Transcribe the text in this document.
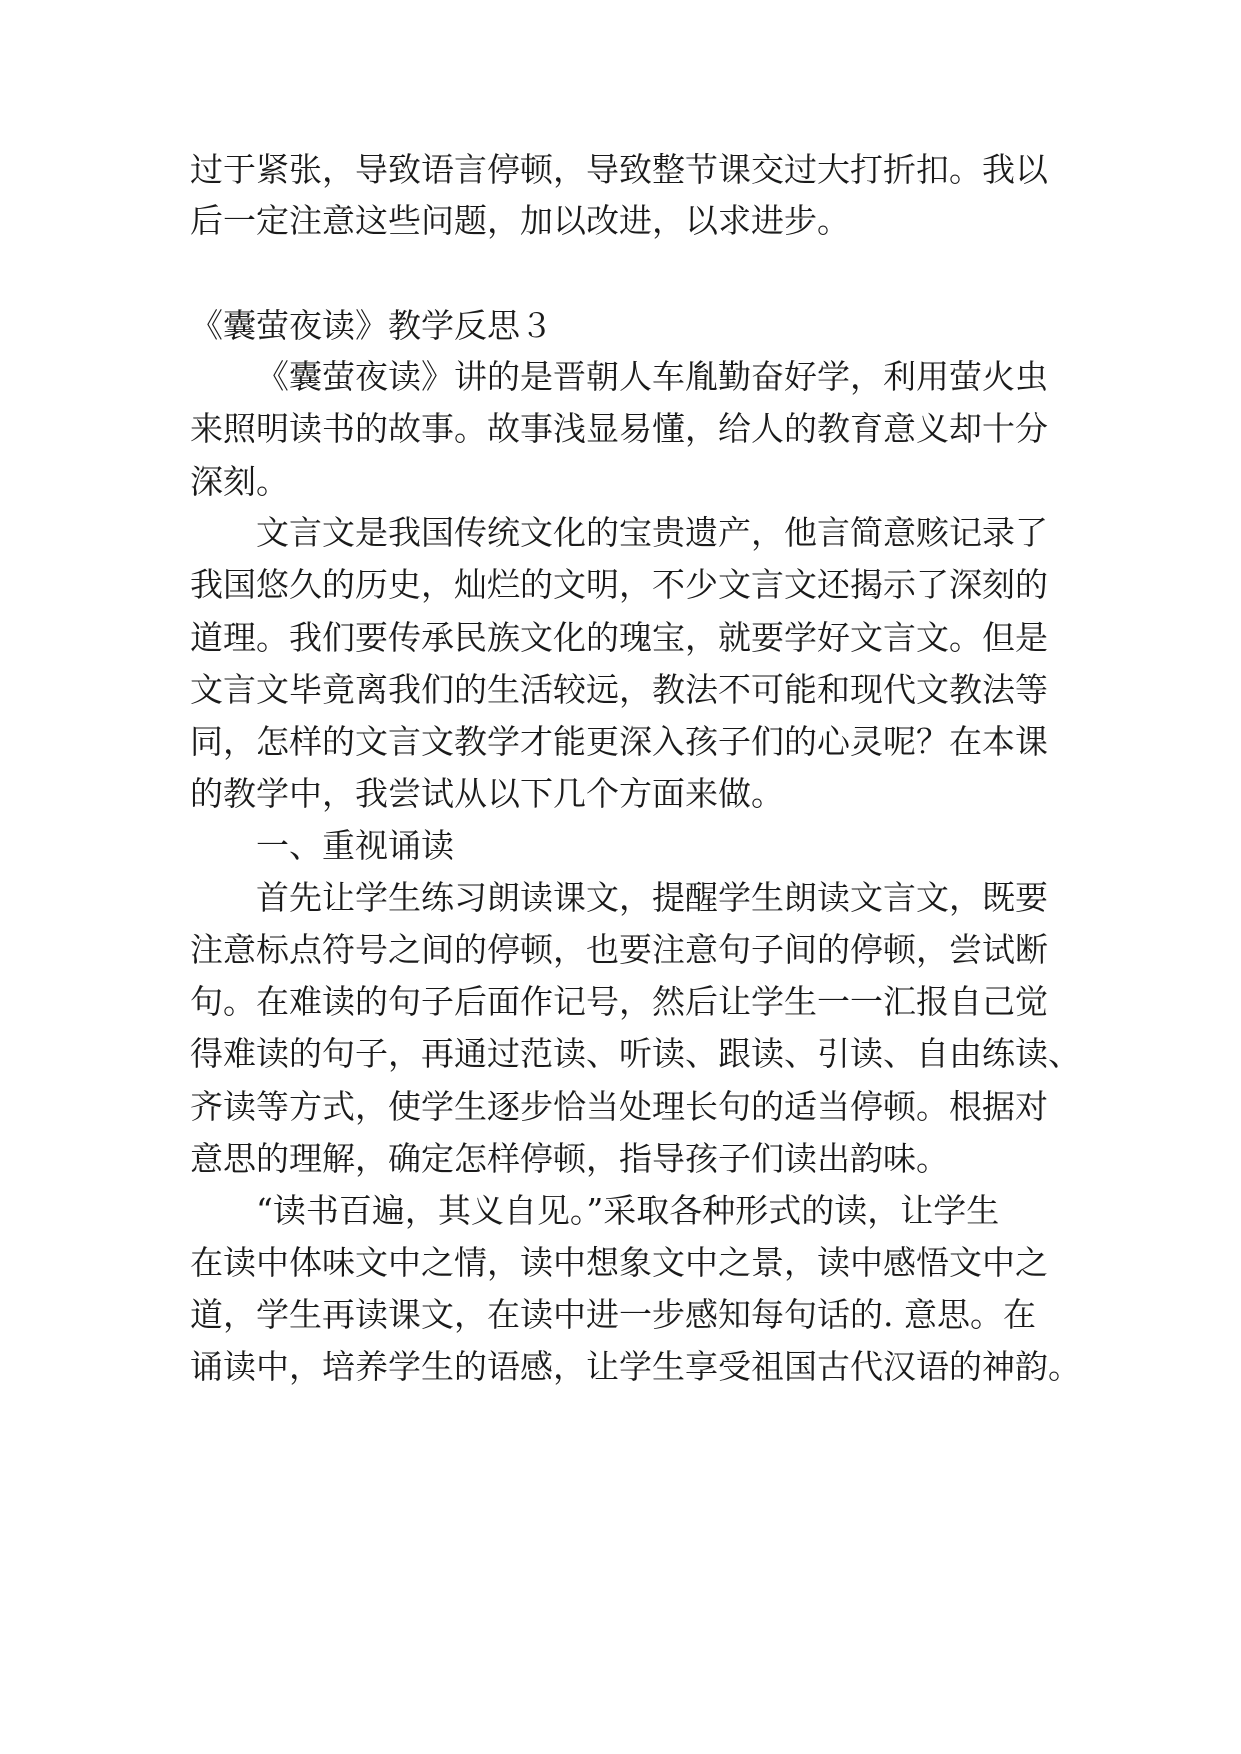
过于紧张，导致语言停顿，导致整节课交过大打折扣。我以
后一定注意这些问题，加以改进，以求进步。
《囊萤夜读》教学反思３
《囊萤夜读》讲的是晋朝人车胤勤奋好学，利用萤火虫
来照明读书的故事。故事浅显易懂，给人的教育意义却十分
深刻。
文言文是我国传统文化的宝贵遗产，他言简意赅记录了
我国悠久的历史，灿烂的文明，不少文言文还揭示了深刻的
道理。我们要传承民族文化的瑰宝，就要学好文言文。但是
文言文毕竟离我们的生活较远，教法不可能和现代文教法等
同，怎样的文言文教学才能更深入孩子们的心灵呢？在本课
的教学中，我尝试从以下几个方面来做。
一、重视诵读
首先让学生练习朗读课文，提醒学生朗读文言文，既要
注意标点符号之间的停顿，也要注意句子间的停顿，尝试断
句。在难读的句子后面作记号，然后让学生一一汇报自己觉
得难读的句子，再通过范读、听读、跟读、引读、自由练读、
齐读等方式，使学生逐步恰当处理长句的适当停顿。根据对
意思的理解，确定怎样停顿，指导孩子们读出韵味。
“读书百遍，其义自见。”采取各种形式的读，让学生
在读中体味文中之情，读中想象文中之景，读中感悟文中之
道，学生再读课文，在读中进一步感知每句话的. 意思。在
诵读中，培养学生的语感，让学生享受祖国古代汉语的神韵。
